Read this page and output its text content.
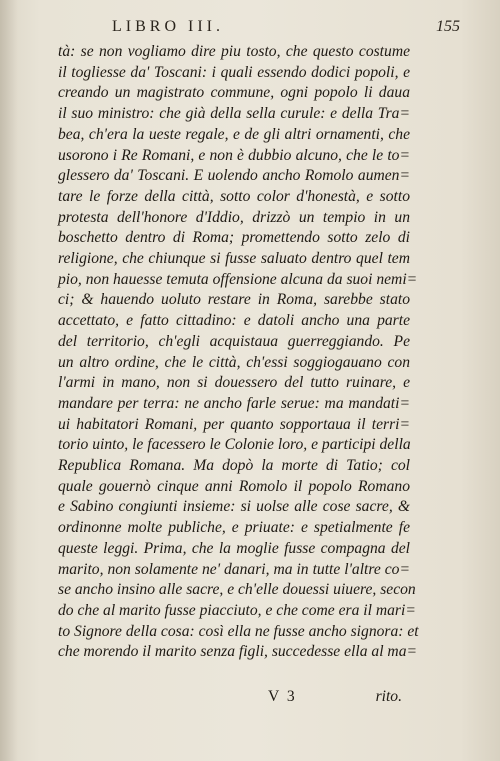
LIBRO III.	155
tà: se non vogliamo dire piu tosto, che questo costume
il togliesse da' Toscani: i quali essendo dodici popoli, e
creando un magistrato commune, ogni popolo li daua
il suo ministro: che già della sella curule: e della Tra=
bea, ch'era la ueste regale, e de gli altri ornamenti, che
usorono i Re Romani, e non è dubbio alcuno, che le to=
glessero da' Toscani. E uolendo ancho Romolo aumen=
tare le forze della città, sotto color d'honestà, e sotto
protesta dell'honore d'Iddio, drizzò un tempio in un
boschetto dentro di Roma; promettendo sotto zelo di
religione, che chiunque si fusse saluato dentro quel tem
pio, non hauesse temuta offensione alcuna da suoi nemi=
ci; & hauendo uoluto restare in Roma, sarebbe stato
accettato, e fatto cittadino: e datoli ancho una parte
del territorio, ch'egli acquistaua guerreggiando. Pe
un altro ordine, che le città, ch'essi soggiogauano con
l'armi in mano, non si douessero del tutto ruinare, e
mandare per terra: ne ancho farle serue: ma mandati=
ui habitatori Romani, per quanto sopportaua il terri=
torio uinto, le facessero le Colonie loro, e participi della
Republica Romana. Ma dopò la morte di Tatio; col
quale gouernò cinque anni Romolo il popolo Romano
e Sabino congiunti insieme: si uolse alle cose sacre, &
ordinonne molte publiche, e priuate: e spetialmente fe
queste leggi. Prima, che la moglie fusse compagna del
marito, non solamente ne' danari, ma in tutte l'altre co=
se ancho insino alle sacre, e ch'elle douessi uiuere, secon
do che al marito fusse piacciuto, e che come era il mari=
to Signore della cosa: così ella ne fusse ancho signora: et
che morendo il marito senza figli, succedesse ella al ma=
V 3	rito.
